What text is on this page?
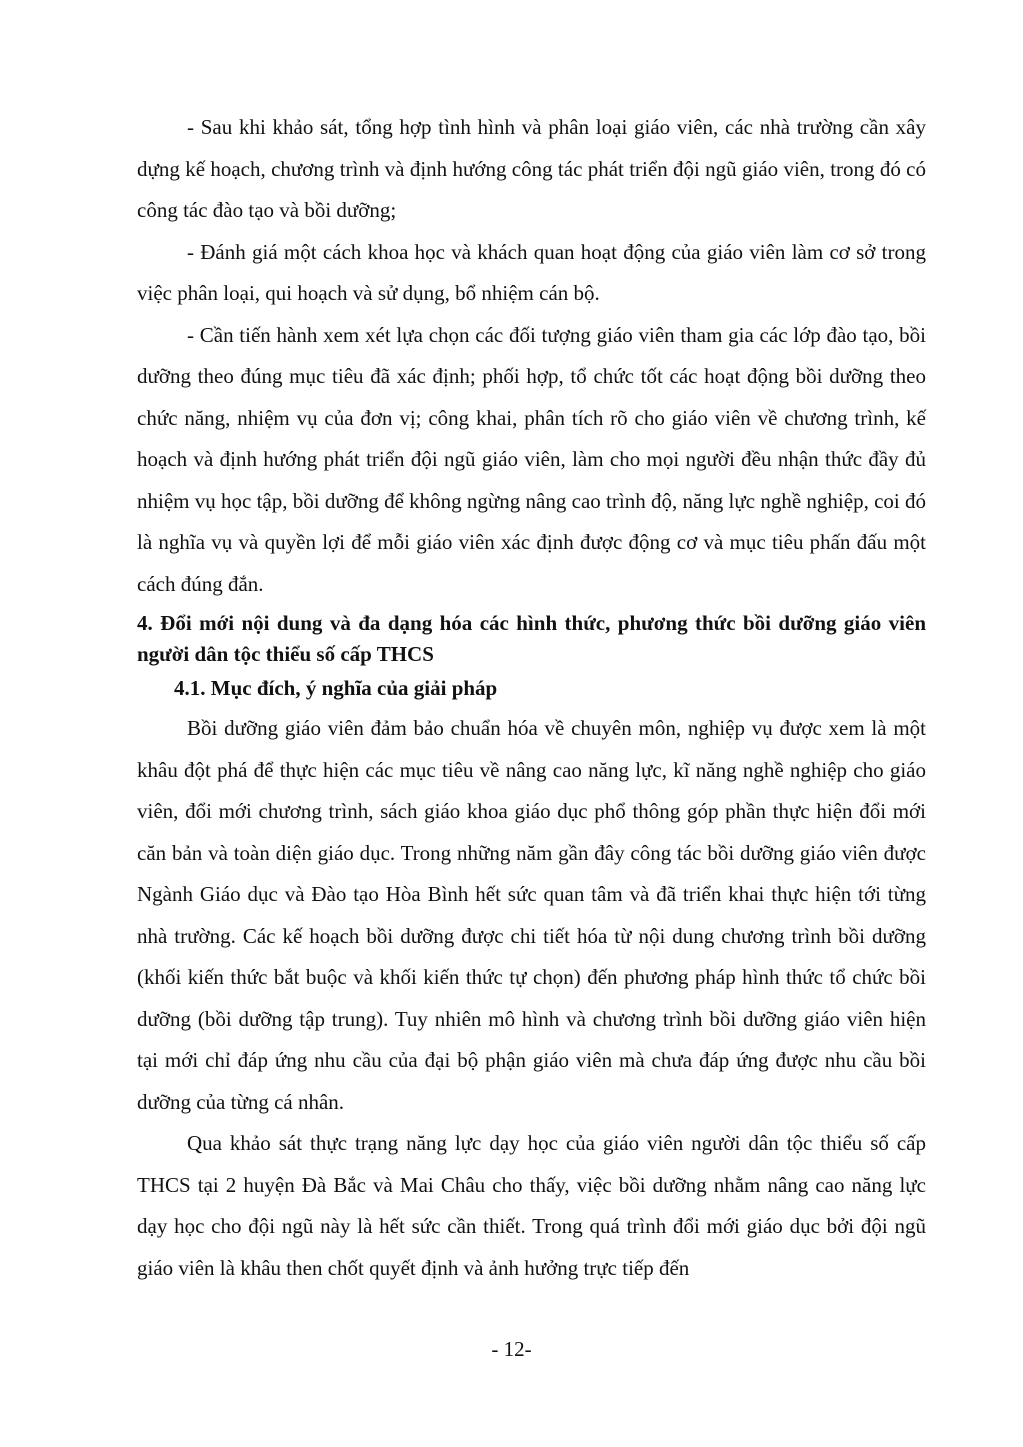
- Sau khi khảo sát, tổng hợp tình hình và phân loại giáo viên, các nhà trường cần xây dựng kế hoạch, chương trình và định hướng công tác phát triển đội ngũ giáo viên, trong đó có công tác đào tạo và bồi dưỡng;

- Đánh giá một cách khoa học và khách quan hoạt động của giáo viên làm cơ sở trong việc phân loại, qui hoạch và sử dụng, bổ nhiệm cán bộ.

- Cần tiến hành xem xét lựa chọn các đối tượng giáo viên tham gia các lớp đào tạo, bồi dưỡng theo đúng mục tiêu đã xác định; phối hợp, tổ chức tốt các hoạt động bồi dưỡng theo chức năng, nhiệm vụ của đơn vị; công khai, phân tích rõ cho giáo viên về chương trình, kế hoạch và định hướng phát triển đội ngũ giáo viên, làm cho mọi người đều nhận thức đầy đủ nhiệm vụ học tập, bồi dưỡng để không ngừng nâng cao trình độ, năng lực nghề nghiệp, coi đó là nghĩa vụ và quyền lợi để mỗi giáo viên xác định được động cơ và mục tiêu phấn đấu một cách đúng đắn.

4. Đổi mới nội dung và đa dạng hóa các hình thức, phương thức bồi dưỡng giáo viên người dân tộc thiểu số cấp THCS
4.1. Mục đích, ý nghĩa của giải pháp

Bồi dưỡng giáo viên đảm bảo chuẩn hóa về chuyên môn, nghiệp vụ được xem là một khâu đột phá để thực hiện các mục tiêu về nâng cao năng lực, kĩ năng nghề nghiệp cho giáo viên, đổi mới chương trình, sách giáo khoa giáo dục phổ thông góp phần thực hiện đổi mới căn bản và toàn diện giáo dục. Trong những năm gần đây công tác bồi dưỡng giáo viên được Ngành Giáo dục và Đào tạo Hòa Bình hết sức quan tâm và đã triển khai thực hiện tới từng nhà trường. Các kế hoạch bồi dưỡng được chi tiết hóa từ nội dung chương trình bồi dưỡng (khối kiến thức bắt buộc và khối kiến thức tự chọn) đến phương pháp hình thức tổ chức bồi dưỡng (bồi dưỡng tập trung). Tuy nhiên mô hình và chương trình bồi dưỡng giáo viên hiện tại mới chỉ đáp ứng nhu cầu của đại bộ phận giáo viên mà chưa đáp ứng được nhu cầu bồi dưỡng của từng cá nhân.

Qua khảo sát thực trạng năng lực dạy học của giáo viên người dân tộc thiểu số cấp THCS tại 2 huyện Đà Bắc và Mai Châu cho thấy, việc bồi dưỡng nhằm nâng cao năng lực dạy học cho đội ngũ này là hết sức cần thiết. Trong quá trình đổi mới giáo dục bởi đội ngũ giáo viên là khâu then chốt quyết định và ảnh hưởng trực tiếp đến

- 12-
